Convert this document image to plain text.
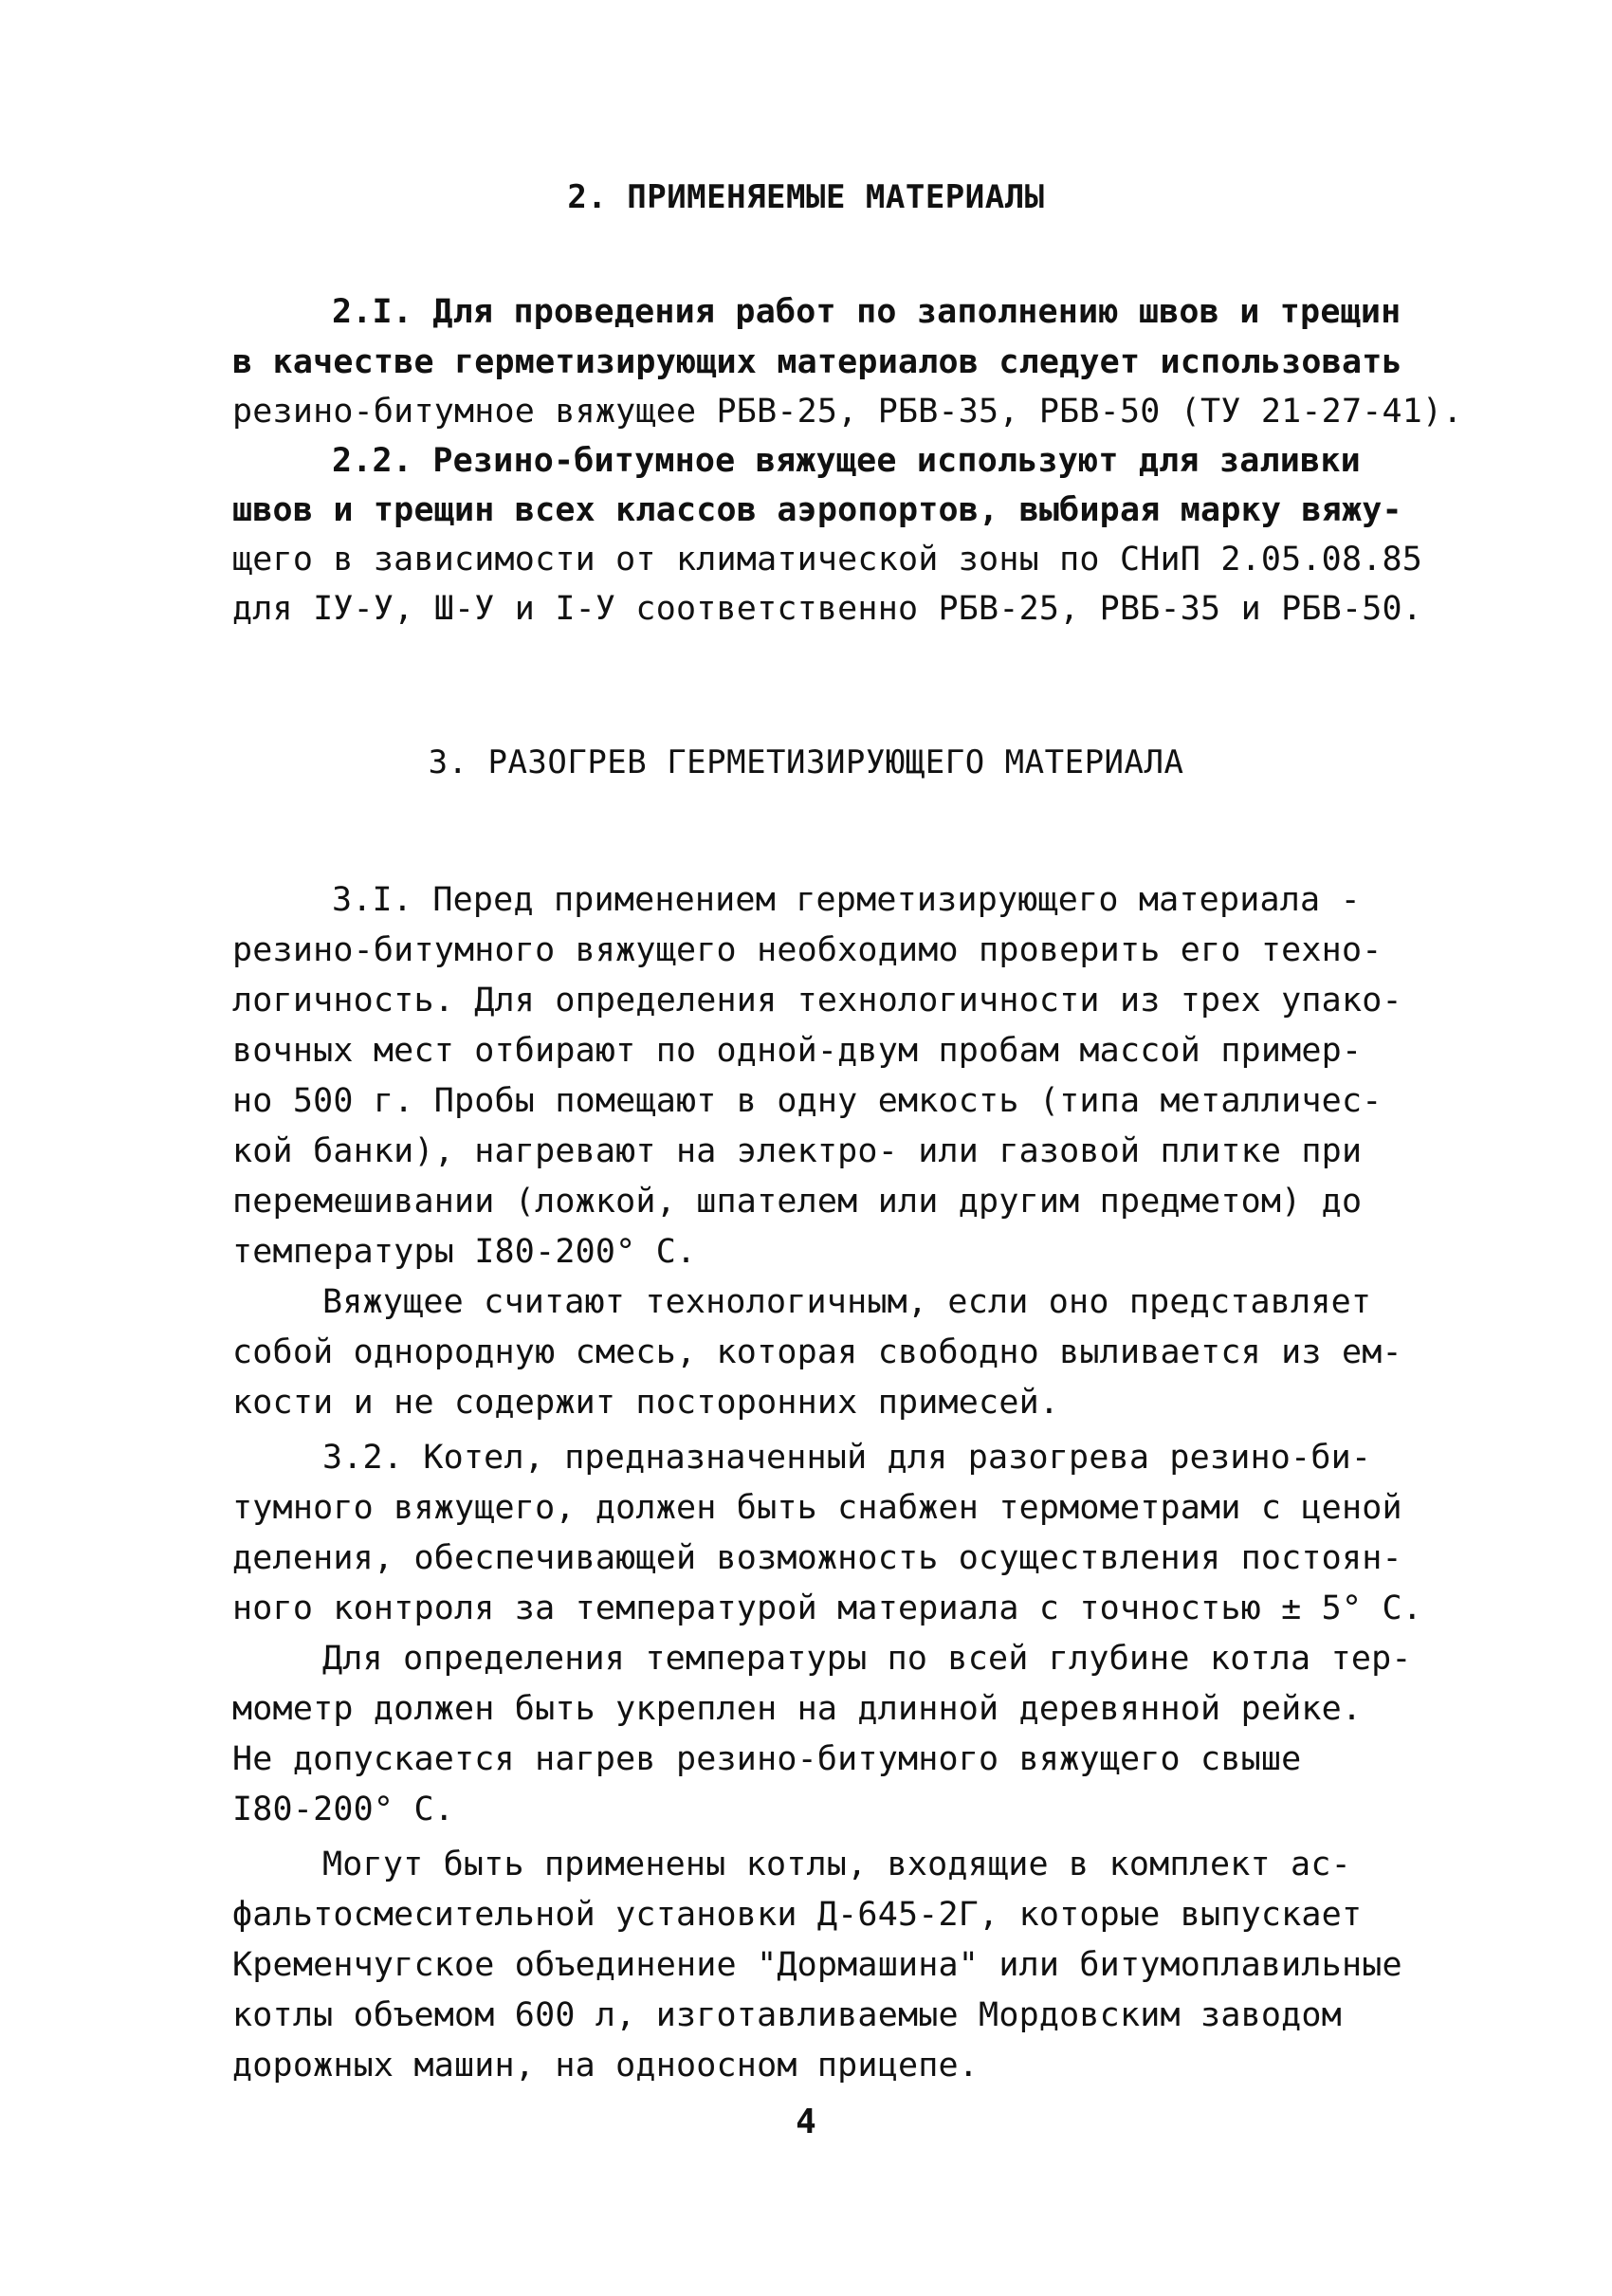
2. ПРИМЕНЯЕМЫЕ МАТЕРИАЛЫ
2.I. Для проведения работ по заполнению швов и трещин
в качестве герметизирующих материалов следует использовать
резино-битумное вяжущее РБВ-25, РБВ-35, РБВ-50 (ТУ 21-27-41).
2.2. Резино-битумное вяжущее используют для заливки
швов и трещин всех классов аэропортов, выбирая марку вяжу-
щего в зависимости от климатической зоны по СНиП 2.05.08.85
для IУ-У, Ш-У и I-У соответственно РБВ-25, РВБ-35 и РБВ-50.
3. РАЗОГРЕВ ГЕРМЕТИЗИРУЮЩЕГО МАТЕРИАЛА
3.I. Перед применением герметизирующего материала -
резино-битумного вяжущего необходимо проверить его техно-
логичность. Для определения технологичности из трех упако-
вочных мест отбирают по одной-двум пробам массой пример-
но 500 г. Пробы помещают в одну емкость (типа металличес-
кой банки), нагревают на электро- или газовой плитке при
перемешивании (ложкой, шпателем или другим предметом) до
температуры I80-200° С.
Вяжущее считают технологичным, если оно представляет
собой однородную смесь, которая свободно выливается из ем-
кости и не содержит посторонних примесей.
3.2. Котел, предназначенный для разогрева резино-би-
тумного вяжущего, должен быть снабжен термометрами с ценой
деления, обеспечивающей возможность осуществления постоян-
ного контроля за температурой материала с точностью ± 5° С.
Для определения температуры по всей глубине котла тер-
мометр должен быть укреплен на длинной деревянной рейке.
Не допускается нагрев резино-битумного вяжущего свыше
I80-200° С.
Могут быть применены котлы, входящие в комплект ас-
фальтосмесительной установки Д-645-2Г, которые выпускает
Кременчугское объединение "Дормашина" или битумоплавильные
котлы объемом 600 л, изготавливаемые Мордовским заводом
дорожных машин, на одноосном прицепе.
4
